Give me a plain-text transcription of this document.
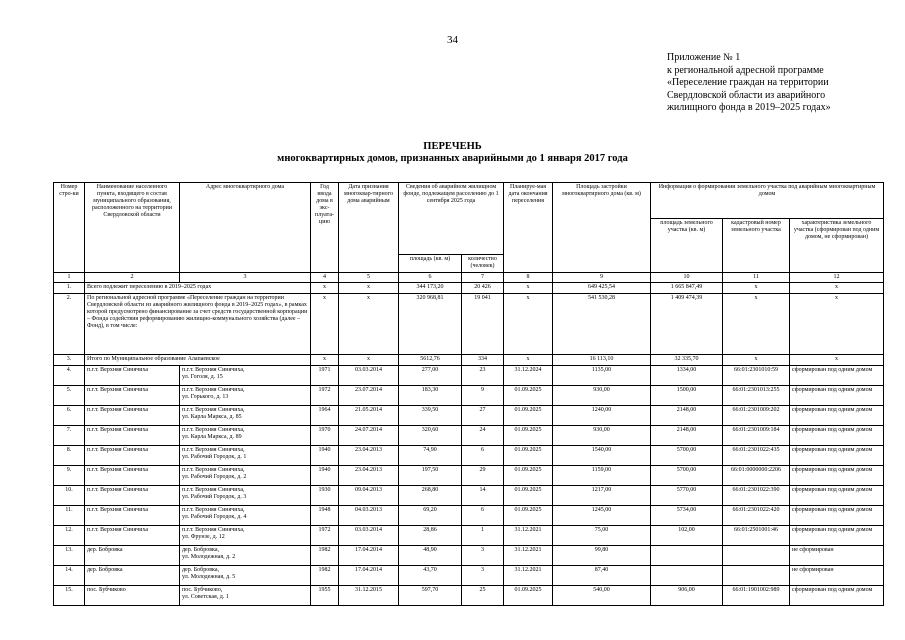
34
Приложение № 1
к региональной адресной программе
«Переселение граждан на территории
Свердловской области из аварийного
жилищного фонда в 2019–2025 годах»
ПЕРЕЧЕНЬ
многоквартирных домов, признанных аварийными до 1 января 2017 года
Номер стро-ки	Наименование населенного пункта, входящего в состав муниципального образования, расположенного на территории Свердловской области	Адрес многоквартирного дома	Год ввода дома в экс-плуата-цию	Дата признания многоквар-тирного дома аварийным	Сведения об аварийном жилищном фонде, подлежащем расселению до 1 сентября 2025 года		Планируе-мая дата окончания переселения	Площадь застройки многоквартирного дома (кв. м)	Информация о формировании земельного участка под аварийным многоквартирным домом		
									площадь земельного участка (кв. м)	кадастровый номер земельного участка	характеристика земельного участка (сформирован под одним домом, не сформирован)
					площадь (кв. м)	количество (человек)					
1	2	3	4	5	6	7	8	9	10	11	12
1.	Всего подлежит переселению в 2019–2025 годах		x	x	344 173,20	20 426	x	649 425,54	1 665 847,49	x	x
2.	По региональной адресной программе «Переселение граждан на территории Свердловской области из аварийного жилищного фонда в 2019–2025 годах», в рамках которой предусмотрено финансирование за счет средств государственной корпорации – Фонда содействия реформированию жилищно-коммунального хозяйства (далее – Фонд), в том числе:		x	x	320 968,81	19 041	x	541 530,28	1 409 474,39	x	x
3.	Итого по Муниципальное образование Алапаевское		x	x	5612,76	334	x	16 113,10	32 335,70	x	x
4.	п.г.т. Верхняя Синячиха	п.г.т. Верхняя Синячиха,
ул. Гоголя, д. 15	1971	03.03.2014	277,00	23	31.12.2024	1135,00	1334,00	66:01:2301010:59	сформирован под одним домом
5.	п.г.т. Верхняя Синячиха	п.г.т. Верхняя Синячиха,
ул. Горького, д. 13	1972	23.07.2014	183,30	9	01.09.2025	930,00	1500,00	66:01:2301013:255	сформирован под одним домом
6.	п.г.т. Верхняя Синячиха	п.г.т. Верхняя Синячиха,
ул. Карла Маркса, д. 85	1964	21.05.2014	339,50	27	01.09.2025	1240,00	2148,00	66:01:2301009:202	сформирован под одним домом
7.	п.г.т. Верхняя Синячиха	п.г.т. Верхняя Синячиха,
ул. Карла Маркса, д. 89	1970	24.07.2014	320,60	24	01.09.2025	930,00	2148,00	66:01:2301009:184	сформирован под одним домом
8.	п.г.т. Верхняя Синячиха	п.г.т. Верхняя Синячиха,
ул. Рабочий Городок, д. 1	1940	23.04.2013	74,90	6	01.09.2025	1540,00	5700,00	66:01:2301022:435	сформирован под одним домом
9.	п.г.т. Верхняя Синячиха	п.г.т. Верхняя Синячиха,
ул. Рабочий Городок, д. 2	1940	23.04.2013	197,50	29	01.09.2025	1159,00	5700,00	66:01:0000000:2206	сформирован под одним домом
10.	п.г.т. Верхняя Синячиха	п.г.т. Верхняя Синячиха,
ул. Рабочий Городок, д. 3	1930	09.04.2013	268,80	14	01.09.2025	1217,00	5770,00	66:01:2301022:390	сформирован под одним домом
11.	п.г.т. Верхняя Синячиха	п.г.т. Верхняя Синячиха,
ул. Рабочий Городок, д. 4	1948	04.03.2013	69,20	6	01.09.2025	1245,00	5734,00	66:01:2301022:420	сформирован под одним домом
12.	п.г.т. Верхняя Синячиха	п.г.т. Верхняя Синячиха,
ул. Фрунзе, д. 12	1972	03.03.2014	28,86	1	31.12.2021	75,00	102,00	66:01:2501001:46	сформирован под одним домом
13.	дер. Бобровка	дер. Бобровка,
ул. Молодежная, д. 2	1982	17.04.2014	48,90	3	31.12.2021	99,80			не сформирован
14.	дер. Бобровка	дер. Бобровка,
ул. Молодежная, д. 5	1982	17.04.2014	43,70	3	31.12.2021	87,40			не сформирован
15.	пос. Бубчиково	пос. Бубчиково,
ул. Советская, д. 1	1955	31.12.2015	597,70	25	01.09.2025	540,00	906,00	66:01:1901002:989	сформирован под одним домом
